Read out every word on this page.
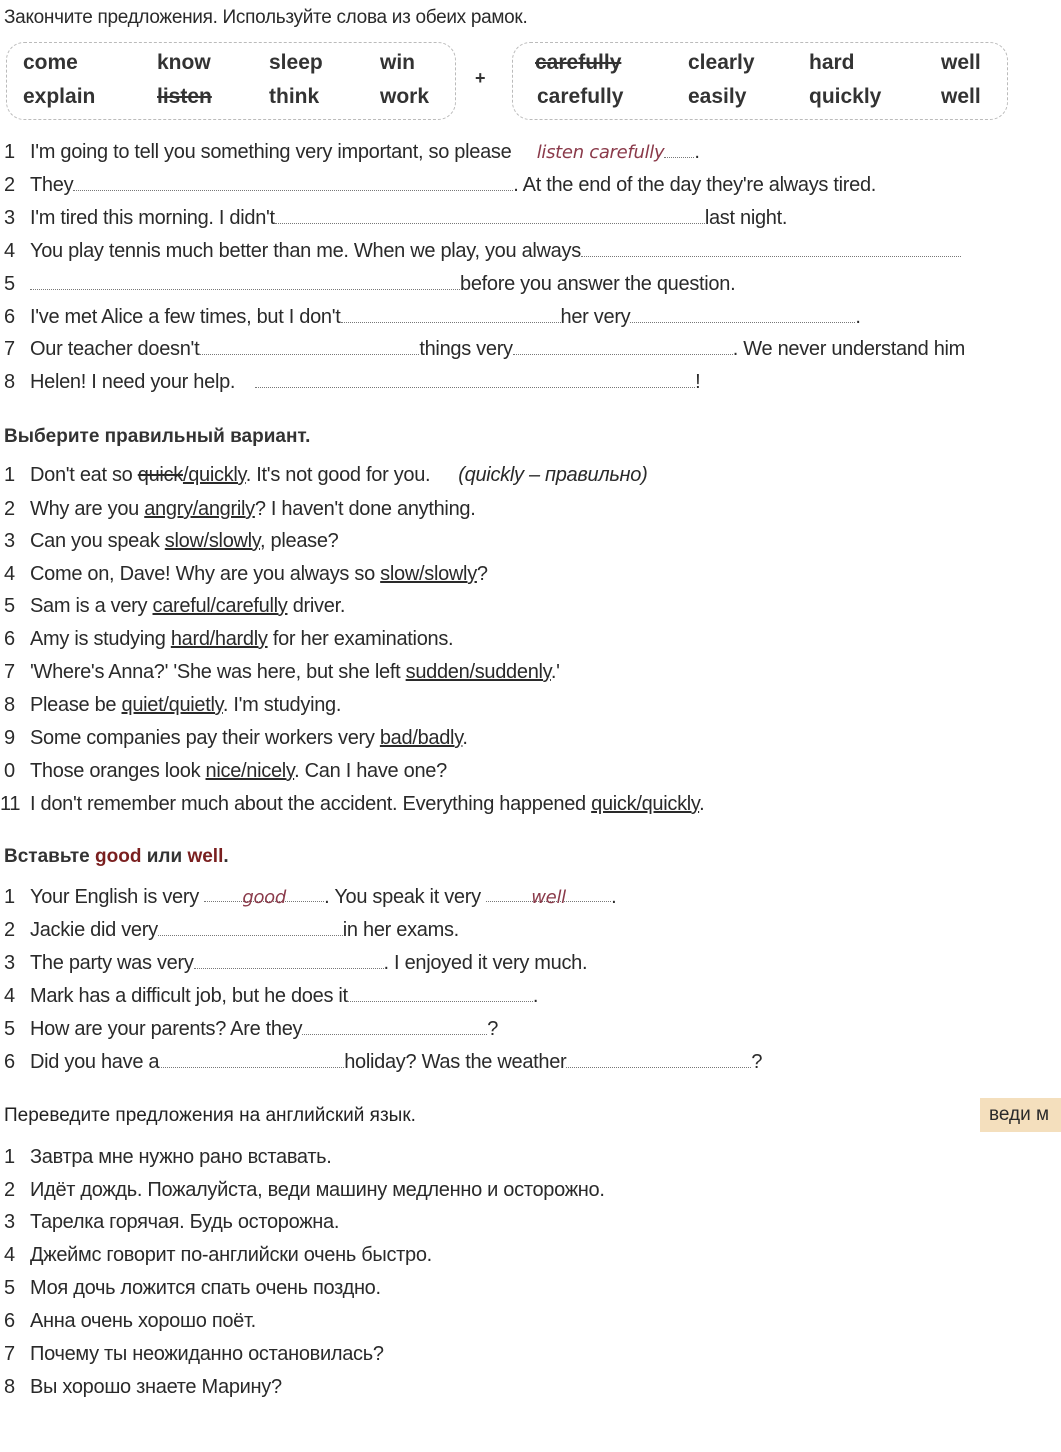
Закончите предложения. Используйте слова из обеих рамок.
come	know	sleep	win
explain	listen	think	work
+
carefully	clearly	hard	well
carefully	easily	quickly	well
1 I'm going to tell you something very important, so please listen carefully .
2 They	. At the end of the day they're always tired.
3 I'm tired this morning. I didn't	last night.
4 You play tennis much better than me. When we play, you always
5	before you answer the question.
6 I've met Alice a few times, but I don't	her very	.
7 Our teacher doesn't	things very	. We never understand him
8 Helen! I need your help.	!
Выберите правильный вариант.
1 Don't eat so quick/quickly. It's not good for you. (quickly – правильно)
2 Why are you angry/angrily? I haven't done anything.
3 Can you speak slow/slowly, please?
4 Come on, Dave! Why are you always so slow/slowly?
5 Sam is a very careful/carefully driver.
6 Amy is studying hard/hardly for her examinations.
7 'Where's Anna?' 'She was here, but she left sudden/suddenly.'
8 Please be quiet/quietly. I'm studying.
9 Some companies pay their workers very bad/badly.
0 Those oranges look nice/nicely. Can I have one?
11 I don't remember much about the accident. Everything happened quick/quickly.
Вставьте good или well.
1 Your English is very good . You speak it very	well .
2 Jackie did very	in her exams.
3 The party was very	. I enjoyed it very much.
4 Mark has a difficult job, but he does it	.
5 How are your parents? Are they	?
6 Did you have a	holiday? Was the weather	?
Переведите предложения на английский язык.	веди м
1 Завтра мне нужно рано вставать.
2 Идёт дождь. Пожалуйста, веди машину медленно и осторожно.
3 Тарелка горячая. Будь осторожна.
4 Джеймс говорит по-английски очень быстро.
5 Моя дочь ложится спать очень поздно.
6 Анна очень хорошо поёт.
7 Почему ты неожиданно остановилась?
8 Вы хорошо знаете Марину?
